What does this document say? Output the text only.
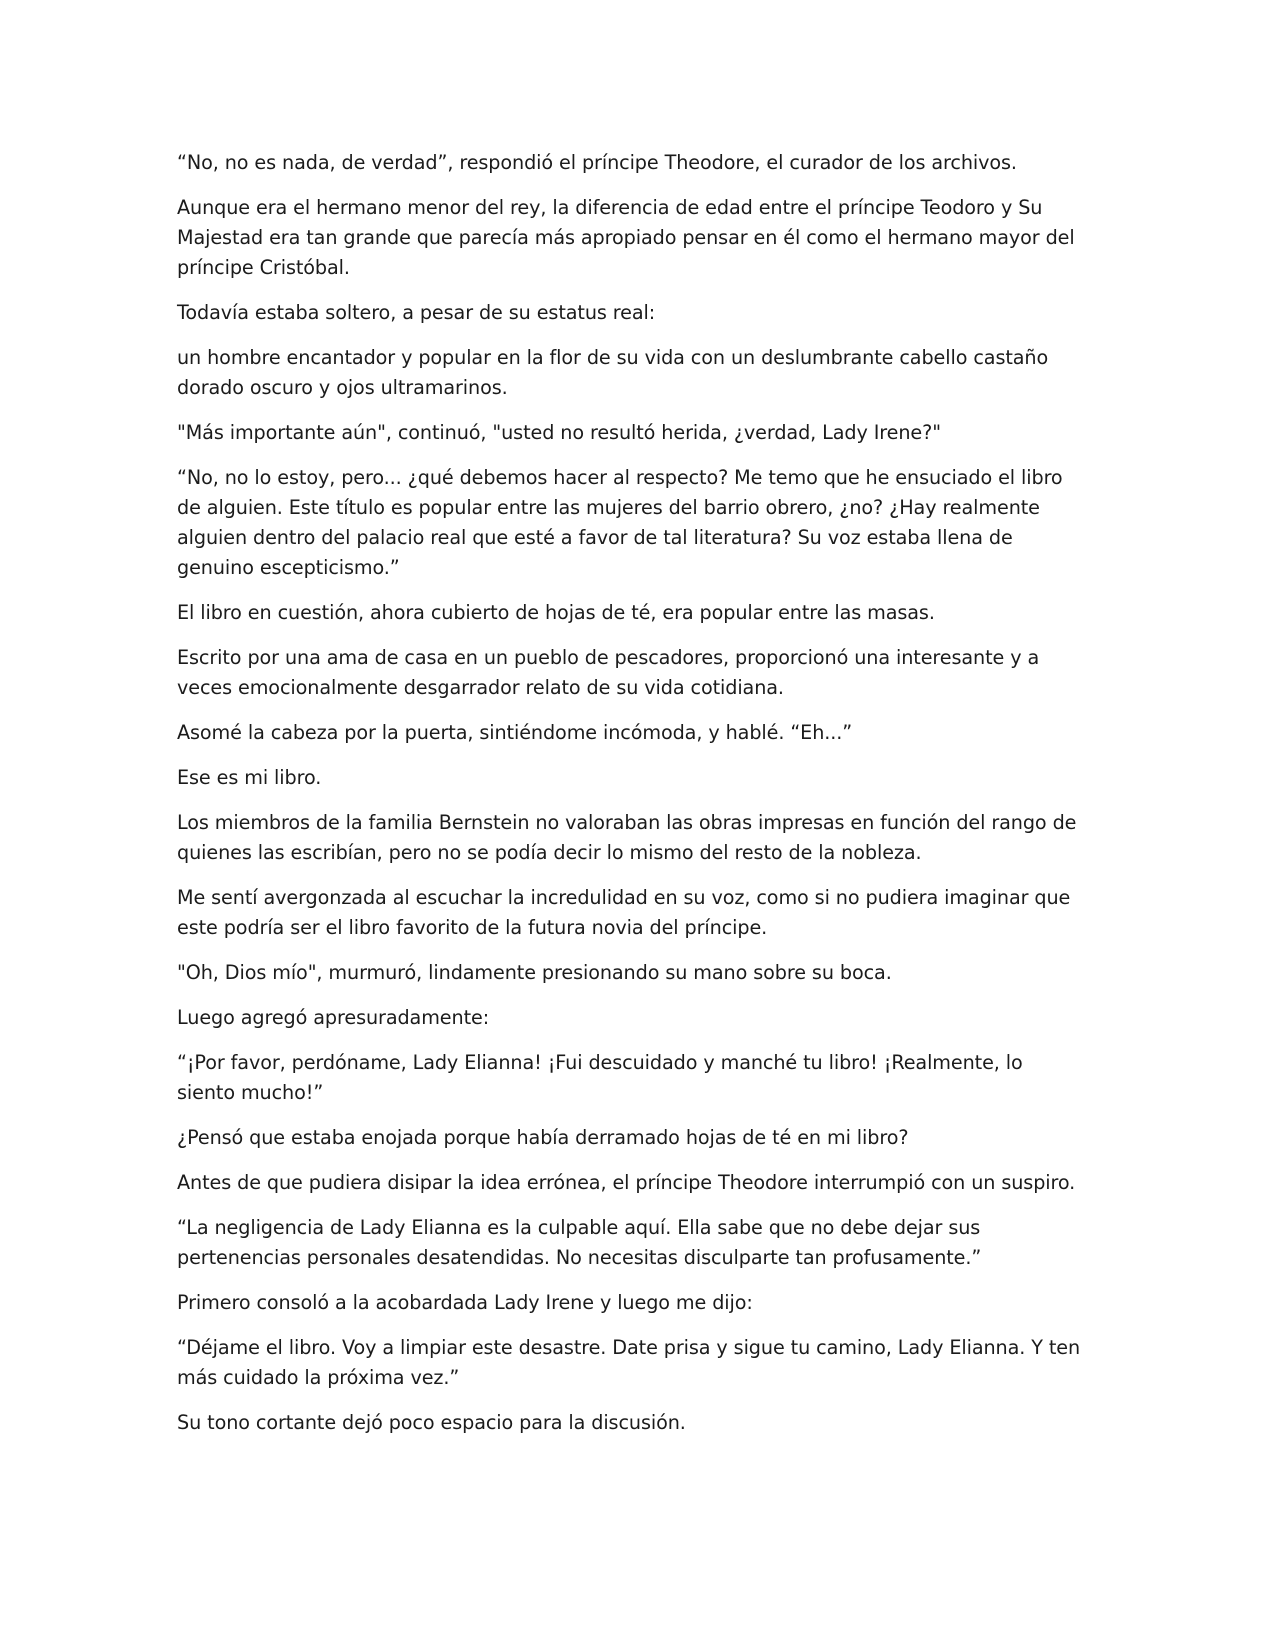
“No, no es nada, de verdad”, respondió el príncipe Theodore, el curador de los archivos.

Aunque era el hermano menor del rey, la diferencia de edad entre el príncipe Teodoro y Su Majestad era tan grande que parecía más apropiado pensar en él como el hermano mayor del príncipe Cristóbal.

Todavía estaba soltero, a pesar de su estatus real:

un hombre encantador y popular en la flor de su vida con un deslumbrante cabello castaño dorado oscuro y ojos ultramarinos.

"Más importante aún", continuó, "usted no resultó herida, ¿verdad, Lady Irene?"

“No, no lo estoy, pero... ¿qué debemos hacer al respecto? Me temo que he ensuciado el libro de alguien. Este título es popular entre las mujeres del barrio obrero, ¿no? ¿Hay realmente alguien dentro del palacio real que esté a favor de tal literatura? Su voz estaba llena de genuino escepticismo.”

El libro en cuestión, ahora cubierto de hojas de té, era popular entre las masas.

Escrito por una ama de casa en un pueblo de pescadores, proporcionó una interesante y a veces emocionalmente desgarrador relato de su vida cotidiana.

Asomé la cabeza por la puerta, sintiéndome incómoda, y hablé. “Eh...”

Ese es mi libro.

Los miembros de la familia Bernstein no valoraban las obras impresas en función del rango de quienes las escribían, pero no se podía decir lo mismo del resto de la nobleza.

Me sentí avergonzada al escuchar la incredulidad en su voz, como si no pudiera imaginar que este podría ser el libro favorito de la futura novia del príncipe.

"Oh, Dios mío", murmuró, lindamente presionando su mano sobre su boca.

Luego agregó apresuradamente:

“¡Por favor, perdóname, Lady Elianna! ¡Fui descuidado y manché tu libro! ¡Realmente, lo siento mucho!”

¿Pensó que estaba enojada porque había derramado hojas de té en mi libro?

Antes de que pudiera disipar la idea errónea, el príncipe Theodore interrumpió con un suspiro.

“La negligencia de Lady Elianna es la culpable aquí. Ella sabe que no debe dejar sus pertenencias personales desatendidas. No necesitas disculparte tan profusamente.”

Primero consoló a la acobardada Lady Irene y luego me dijo:

“Déjame el libro. Voy a limpiar este desastre. Date prisa y sigue tu camino, Lady Elianna. Y ten más cuidado la próxima vez.”

Su tono cortante dejó poco espacio para la discusión.
